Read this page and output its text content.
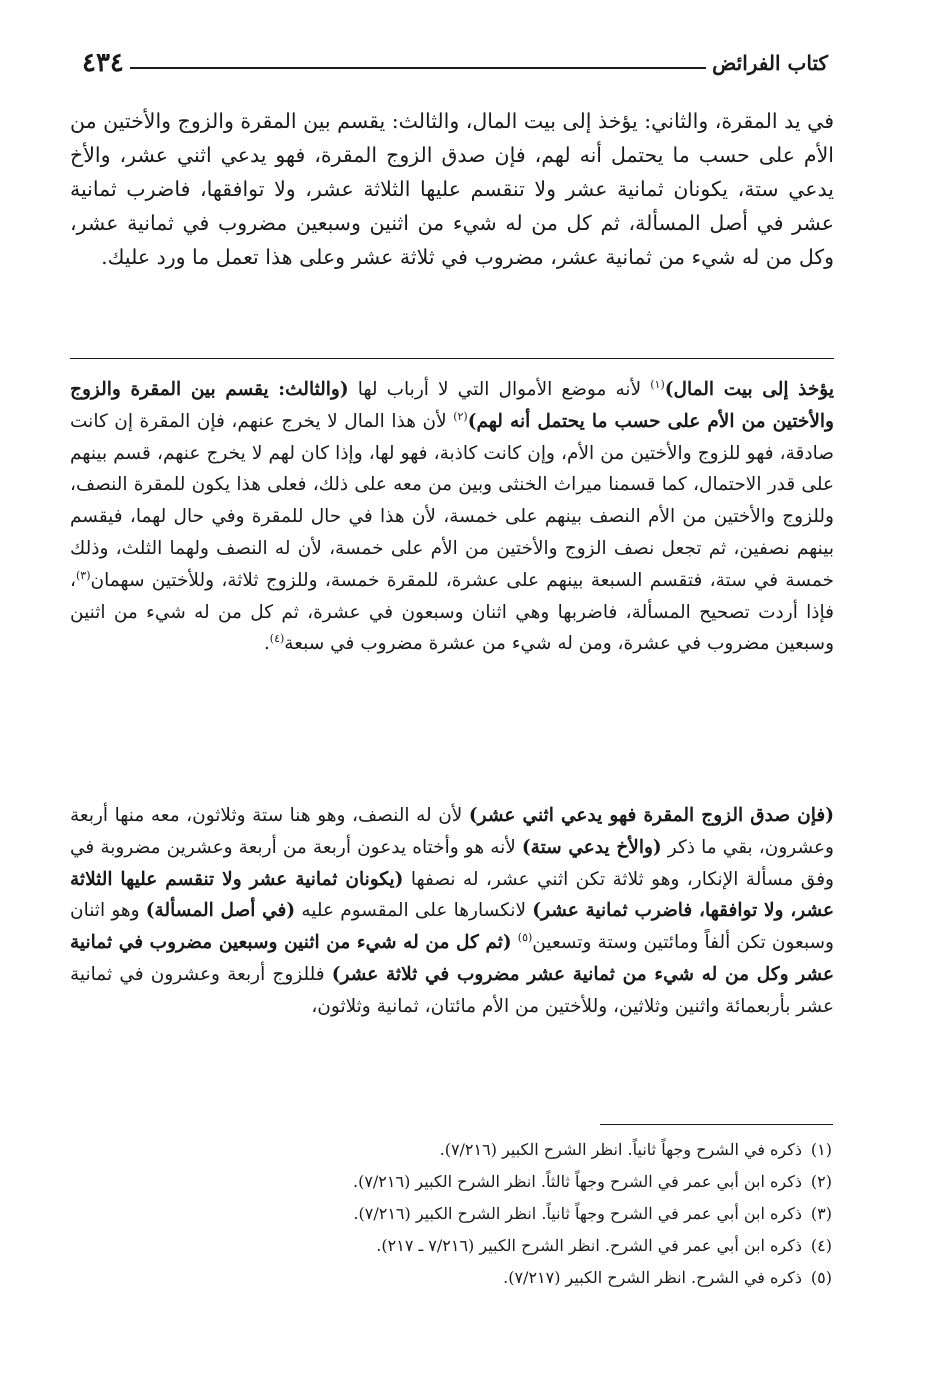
كتاب الفرائض
٤٣٤

في يد المقرة، والثاني: يؤخذ إلى بيت المال، والثالث: يقسم بين المقرة والزوج والأختين من الأم على حسب ما يحتمل أنه لهم، فإن صدق الزوج المقرة، فهو يدعي اثني عشر، والأخ يدعي ستة، يكونان ثمانية عشر ولا تنقسم عليها الثلاثة عشر، ولا توافقها، فاضرب ثمانية عشر في أصل المسألة، ثم كل من له شيء من اثنين وسبعين مضروب في ثمانية عشر، وكل من له شيء من ثمانية عشر، مضروب في ثلاثة عشر وعلى هذا تعمل ما ورد عليك.

يؤخذ إلى بيت المال)$^{(١)}$ لأنه موضع الأموال التي لا أرباب لها (والثالث: يقسم بين المقرة والزوج والأختين من الأم على حسب ما يحتمل أنه لهم)$^{(٢)}$ لأن هذا المال لا يخرج عنهم، فإن المقرة إن كانت صادقة، فهو للزوج والأختين من الأم، وإن كانت كاذبة، فهو لها، وإذا كان لهم لا يخرج عنهم، قسم بينهم على قدر الاحتمال، كما قسمنا ميراث الخنثى وبين من معه على ذلك، فعلى هذا يكون للمقرة النصف، وللزوج والأختين من الأم النصف بينهم على خمسة، لأن هذا في حال للمقرة وفي حال لهما، فيقسم بينهم نصفين، ثم تجعل نصف الزوج والأختين من الأم على خمسة، لأن له النصف ولهما الثلث، وذلك خمسة في ستة، فتقسم السبعة بينهم على عشرة، للمقرة خمسة، وللزوج ثلاثة، وللأختين سهمان$^{(٣)}$، فإذا أردت تصحيح المسألة، فاضربها وهي اثنان وسبعون في عشرة، ثم كل من له شيء من اثنين وسبعين مضروب في عشرة، ومن له شيء من عشرة مضروب في سبعة$^{(٤)}$.

(فإن صدق الزوج المقرة فهو يدعي اثني عشر) لأن له النصف، وهو هنا ستة وثلاثون، معه منها أربعة وعشرون، بقي ما ذكر (والأخ يدعي ستة) لأنه هو وأختاه يدعون أربعة من أربعة وعشرين مضروبة في وفق مسألة الإنكار، وهو ثلاثة تكن اثني عشر، له نصفها (يكونان ثمانية عشر ولا تنقسم عليها الثلاثة عشر، ولا توافقها، فاضرب ثمانية عشر) لانكسارها على المقسوم عليه (في أصل المسألة) وهو اثنان وسبعون تكن ألفاً ومائتين وستة وتسعين$^{(٥)}$ (ثم كل من له شيء من اثنين وسبعين مضروب في ثمانية عشر وكل من له شيء من ثمانية عشر مضروب في ثلاثة عشر) فللزوج أربعة وعشرون في ثمانية عشر بأربعمائة واثنين وثلاثين، وللأختين من الأم مائتان، ثمانية وثلاثون،

(١)
ذكره في الشرح وجهاً ثانياً. انظر الشرح الكبير (٧/٢١٦).
(٢)
ذكره ابن أبي عمر في الشرح وجهاً ثالثاً. انظر الشرح الكبير (٧/٢١٦).
(٣)
ذكره ابن أبي عمر في الشرح وجهاً ثانياً. انظر الشرح الكبير (٧/٢١٦).
(٤)
ذكره ابن أبي عمر في الشرح. انظر الشرح الكبير (٧/٢١٦ ـ ٢١٧).
(٥)
ذكره في الشرح. انظر الشرح الكبير (٧/٢١٧).
